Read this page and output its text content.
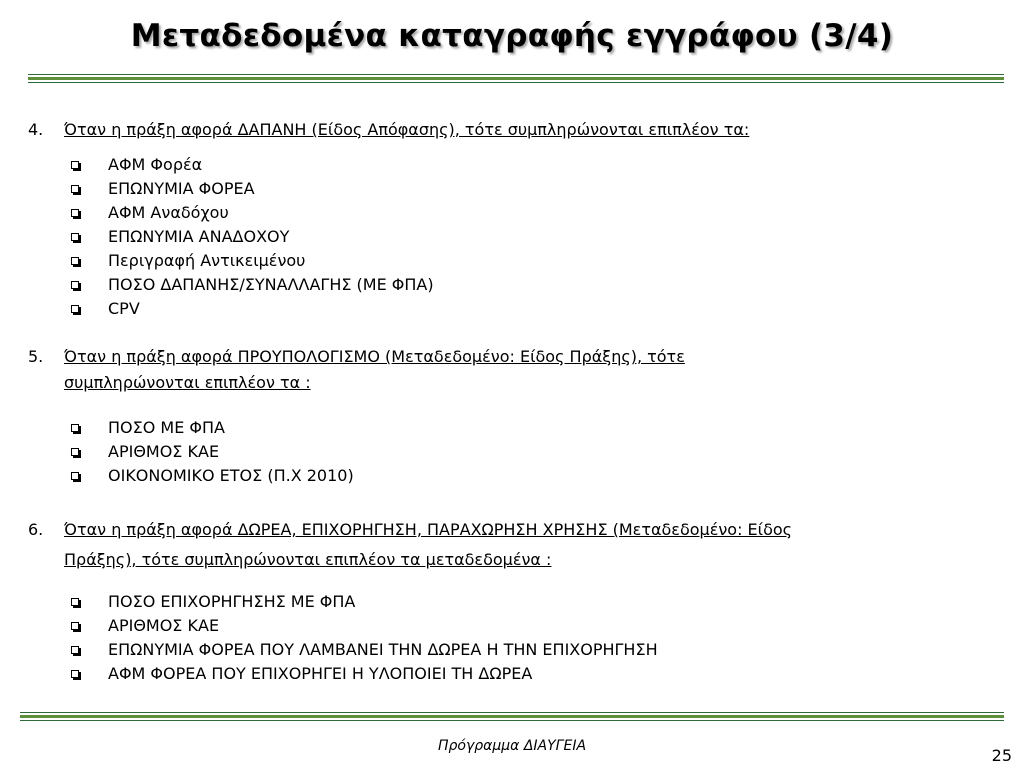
Μεταδεδομένα καταγραφής εγγράφου (3/4)
4. Όταν η πράξη αφορά ΔΑΠΑΝΗ (Είδος Απόφασης), τότε συμπληρώνονται επιπλέον τα:
ΑΦΜ Φορέα
ΕΠΩΝΥΜΙΑ ΦΟΡΕΑ
ΑΦΜ Αναδόχου
ΕΠΩΝΥΜΙΑ ΑΝΑΔΟΧΟΥ
Περιγραφή Αντικειμένου
ΠΟΣΟ ΔΑΠΑΝΗΣ/ΣΥΝΑΛΛΑΓΗΣ (ΜΕ ΦΠΑ)
CPV
5. Όταν η πράξη αφορά ΠΡΟΥΠΟΛΟΓΙΣΜΟ (Μεταδεδομένο: Είδος Πράξης), τότε
συμπληρώνονται επιπλέον τα :
ΠΟΣΟ ΜΕ ΦΠΑ
ΑΡΙΘΜΟΣ ΚΑΕ
ΟΙΚΟΝΟΜΙΚΟ ΕΤΟΣ (Π.Χ 2010)
6. Όταν η πράξη αφορά ΔΩΡΕΑ, ΕΠΙΧΟΡΗΓΗΣΗ, ΠΑΡΑΧΩΡΗΣΗ ΧΡΗΣΗΣ (Μεταδεδομένο: Είδος
Πράξης), τότε συμπληρώνονται επιπλέον τα μεταδεδομένα :
ΠΟΣΟ ΕΠΙΧΟΡΗΓΗΣΗΣ ΜΕ ΦΠΑ
ΑΡΙΘΜΟΣ ΚΑΕ
ΕΠΩΝΥΜΙΑ ΦΟΡΕΑ ΠΟΥ ΛΑΜΒΑΝΕΙ ΤΗΝ ΔΩΡΕΑ Η ΤΗΝ ΕΠΙΧΟΡΗΓΗΣΗ
ΑΦΜ ΦΟΡΕΑ ΠΟΥ ΕΠΙΧΟΡΗΓΕΙ Η ΥΛΟΠΟΙΕΙ ΤΗ ΔΩΡΕΑ
Πρόγραμμα ΔΙΑΥΓΕΙΑ	25
